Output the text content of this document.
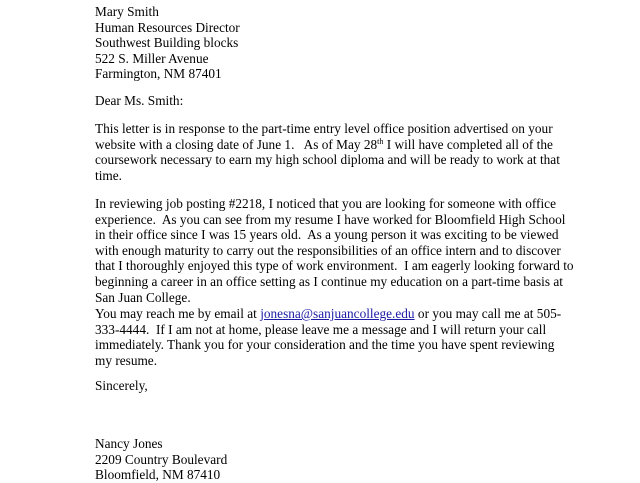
Mary Smith
Human Resources Director
Southwest Building blocks
522 S. Miller Avenue
Farmington, NM 87401
Dear Ms. Smith:
This letter is in response to the part-time entry level office position advertised on your
website with a closing date of June 1.   As of May 28th I will have completed all of the
coursework necessary to earn my high school diploma and will be ready to work at that
time.
In reviewing job posting #2218, I noticed that you are looking for someone with office
experience.  As you can see from my resume I have worked for Bloomfield High School
in their office since I was 15 years old.  As a young person it was exciting to be viewed
with enough maturity to carry out the responsibilities of an office intern and to discover
that I thoroughly enjoyed this type of work environment.  I am eagerly looking forward to
beginning a career in an office setting as I continue my education on a part-time basis at
San Juan College.
You may reach me by email at jonesna@sanjuancollege.edu or you may call me at 505-
333-4444.  If I am not at home, please leave me a message and I will return your call
immediately. Thank you for your consideration and the time you have spent reviewing
my resume.
Sincerely,
Nancy Jones
2209 Country Boulevard
Bloomfield, NM 87410
